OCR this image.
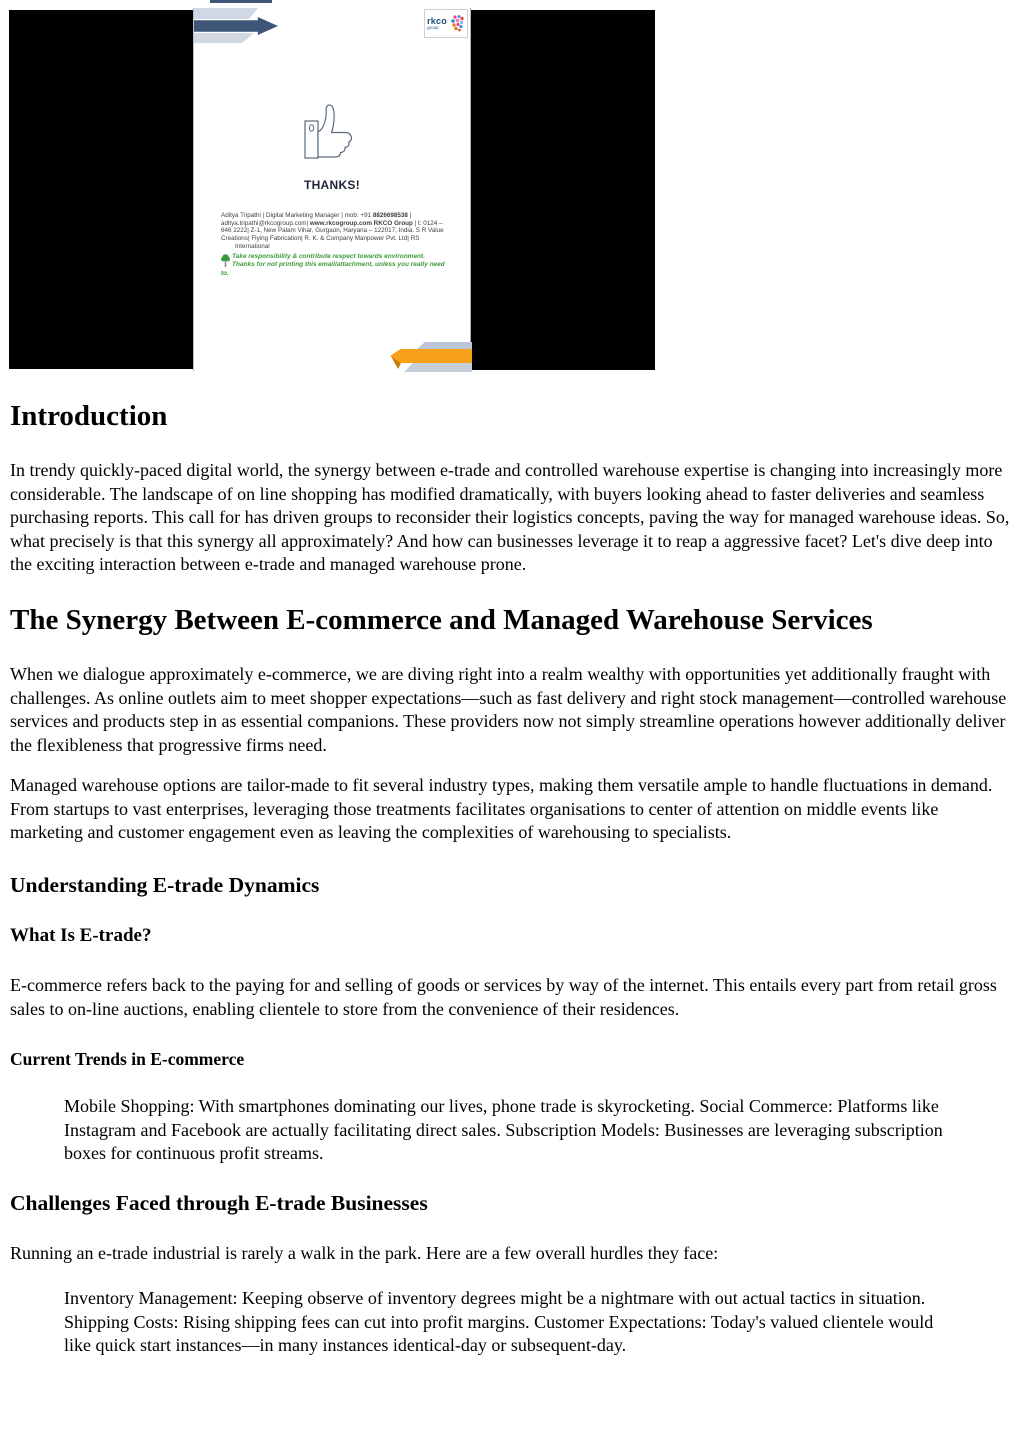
rkco
group
THANKS!
Aditya Tripathi | Digital Marketing Manager | mob: +91 8826698538 |
aditya.tripathi@rkcogroup.com| www.rkcogroup.com RKCO Group | t: 0124 –
646 2222| Z-1, New Palam Vihar, Gurgaon, Haryana – 122017, India. S R Value
Creations| Flying Fabrication| R. K. & Company Manpower Pvt. Ltd| RS
International
Take responsibility & contribute respect towards environment.
Thanks for not printing this email/attachment, unless you really need
to.
Introduction

In trendy quickly-paced digital world, the synergy between e-trade and controlled warehouse expertise is changing into increasingly more considerable. The landscape of on line shopping has modified dramatically, with buyers looking ahead to faster deliveries and seamless purchasing reports. This call for has driven groups to reconsider their logistics concepts, paving the way for managed warehouse ideas. So, what precisely is that this synergy all approximately? And how can businesses leverage it to reap a aggressive facet? Let's dive deep into the exciting interaction between e-trade and managed warehouse prone.

The Synergy Between E-commerce and Managed Warehouse Services

When we dialogue approximately e-commerce, we are diving right into a realm wealthy with opportunities yet additionally fraught with challenges. As online outlets aim to meet shopper expectations—such as fast delivery and right stock management—controlled warehouse services and products step in as essential companions. These providers now not simply streamline operations however additionally deliver the flexibleness that progressive firms need.

Managed warehouse options are tailor-made to fit several industry types, making them versatile ample to handle fluctuations in demand. From startups to vast enterprises, leveraging those treatments facilitates organisations to center of attention on middle events like marketing and customer engagement even as leaving the complexities of warehousing to specialists.

Understanding E-trade Dynamics
What Is E-trade?

E-commerce refers back to the paying for and selling of goods or services by way of the internet. This entails every part from retail gross sales to on-line auctions, enabling clientele to store from the convenience of their residences.

Current Trends in E-commerce
Mobile Shopping: With smartphones dominating our lives, phone trade is skyrocketing. Social Commerce: Platforms like Instagram and Facebook are actually facilitating direct sales. Subscription Models: Businesses are leveraging subscription boxes for continuous profit streams.
Challenges Faced through E-trade Businesses

Running an e-trade industrial is rarely a walk in the park. Here are a few overall hurdles they face:

Inventory Management: Keeping observe of inventory degrees might be a nightmare with out actual tactics in situation. Shipping Costs: Rising shipping fees can cut into profit margins. Customer Expectations: Today's valued clientele would like quick start instances—in many instances identical-day or subsequent-day.
